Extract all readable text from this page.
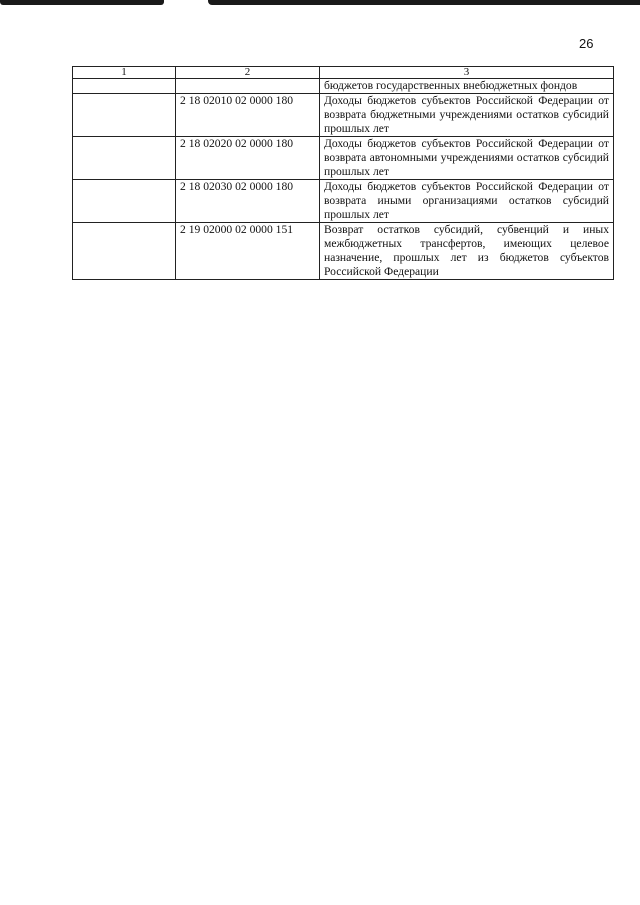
26
1	2	3
		бюджетов государственных внебюджетных фондов
	2 18 02010 02 0000 180	Доходы бюджетов субъектов Российской Федерации от возврата бюджетными учреждениями остатков субсидий прошлых лет
	2 18 02020 02 0000 180	Доходы бюджетов субъектов Российской Федерации от возврата автономными учреждениями остатков субсидий прошлых лет
	2 18 02030 02 0000 180	Доходы бюджетов субъектов Российской Федерации от возврата иными организациями остатков субсидий прошлых лет
	2 19 02000 02 0000 151	Возврат остатков субсидий, субвенций и иных межбюджетных трансфертов, имеющих целевое назначение, прошлых лет из бюджетов субъектов Российской Федерации
